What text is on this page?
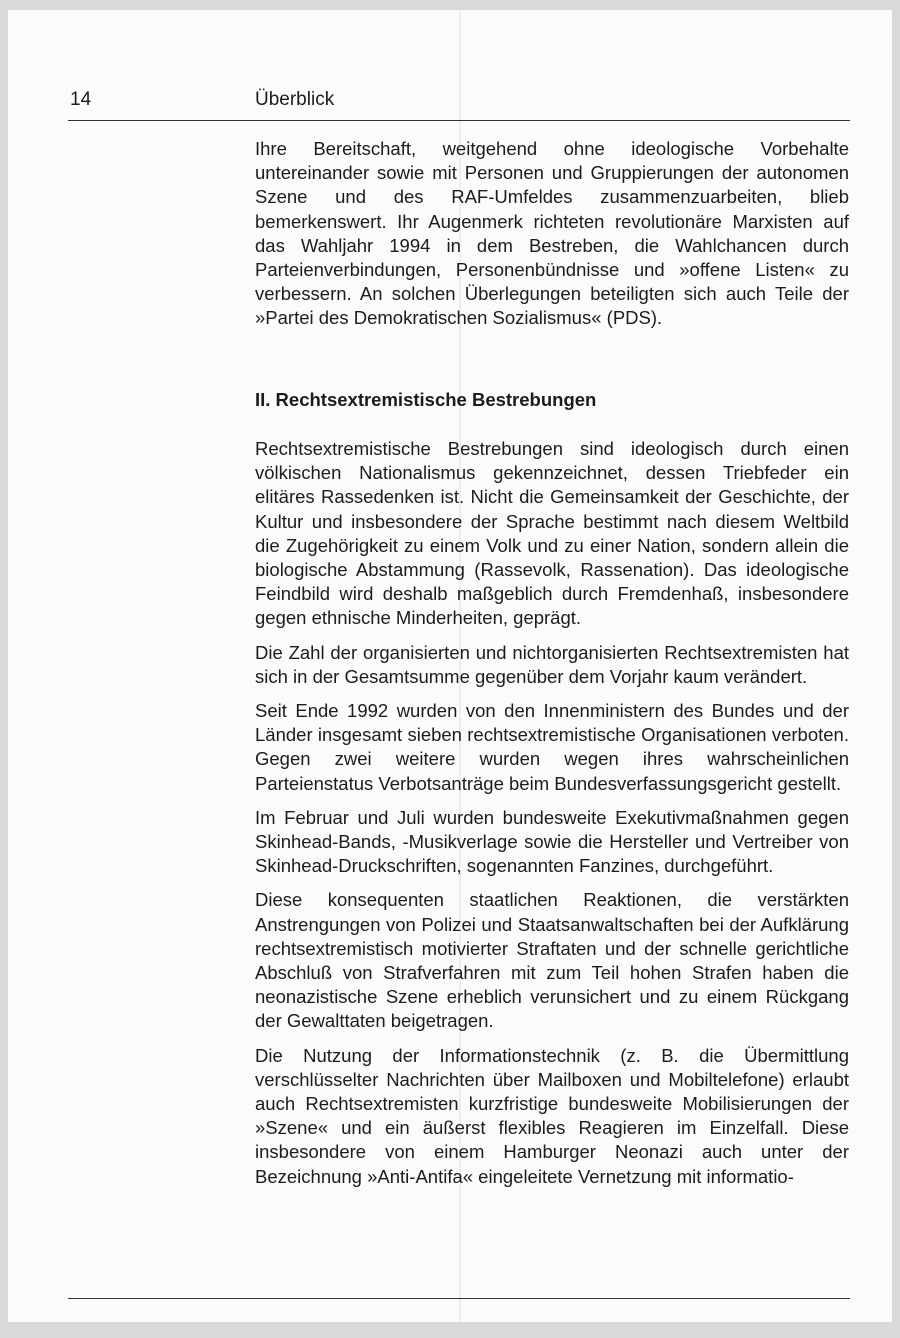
14	Überblick

Ihre Bereitschaft, weitgehend ohne ideologische Vorbehalte untereinander sowie mit Personen und Gruppierungen der autonomen Szene und des RAF-Umfeldes zusammenzuarbeiten, blieb bemerkenswert. Ihr Augenmerk richteten revolutionäre Marxisten auf das Wahljahr 1994 in dem Bestreben, die Wahlchancen durch Parteienverbindungen, Personenbündnisse und »offene Listen« zu verbessern. An solchen Überlegungen beteiligten sich auch Teile der »Partei des Demokratischen Sozialismus« (PDS).

II. Rechtsextremistische Bestrebungen

Rechtsextremistische Bestrebungen sind ideologisch durch einen völkischen Nationalismus gekennzeichnet, dessen Triebfeder ein elitäres Rassedenken ist. Nicht die Gemeinsamkeit der Geschichte, der Kultur und insbesondere der Sprache bestimmt nach diesem Weltbild die Zugehörigkeit zu einem Volk und zu einer Nation, sondern allein die biologische Abstammung (Rassevolk, Rassenation). Das ideologische Feindbild wird deshalb maßgeblich durch Fremdenhaß, insbesondere gegen ethnische Minderheiten, geprägt.

Die Zahl der organisierten und nichtorganisierten Rechtsextremisten hat sich in der Gesamtsumme gegenüber dem Vorjahr kaum verändert.

Seit Ende 1992 wurden von den Innenministern des Bundes und der Länder insgesamt sieben rechtsextremistische Organisationen verboten. Gegen zwei weitere wurden wegen ihres wahrscheinlichen Parteienstatus Verbotsanträge beim Bundesverfassungsgericht gestellt.

Im Februar und Juli wurden bundesweite Exekutivmaßnahmen gegen Skinhead-Bands, -Musikverlage sowie die Hersteller und Vertreiber von Skinhead-Druckschriften, sogenannten Fanzines, durchgeführt.

Diese konsequenten staatlichen Reaktionen, die verstärkten Anstrengungen von Polizei und Staatsanwaltschaften bei der Aufklärung rechtsextremistisch motivierter Straftaten und der schnelle gerichtliche Abschluß von Strafverfahren mit zum Teil hohen Strafen haben die neonazistische Szene erheblich verunsichert und zu einem Rückgang der Gewalttaten beigetragen.

Die Nutzung der Informationstechnik (z. B. die Übermittlung verschlüsselter Nachrichten über Mailboxen und Mobiltelefone) erlaubt auch Rechtsextremisten kurzfristige bundesweite Mobilisierungen der »Szene« und ein äußerst flexibles Reagieren im Einzelfall. Diese insbesondere von einem Hamburger Neonazi auch unter der Bezeichnung »Anti-Antifa« eingeleitete Vernetzung mit informatio-
